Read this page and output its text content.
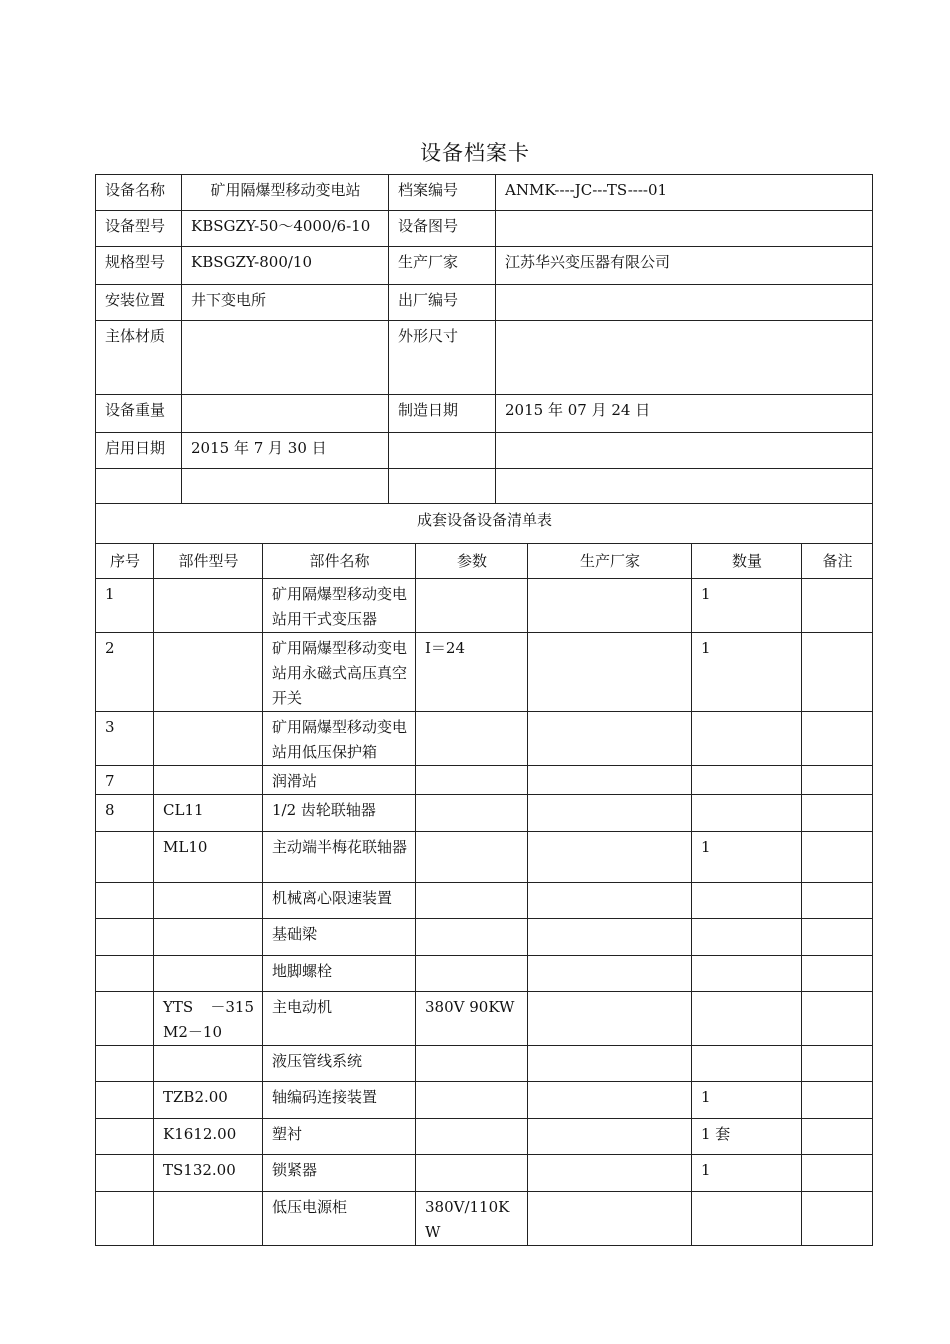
设备档案卡
设备名称	矿用隔爆型移动变电站	档案编号	ANMK----JC---TS----01
设备型号	KBSGZY-50～4000/6-10	设备图号	
规格型号	KBSGZY-800/10	生产厂家	江苏华兴变压器有限公司
安装位置	井下变电所	出厂编号	
主体材质		外形尺寸	
设备重量		制造日期	2015 年 07 月 24 日
启用日期	2015 年 7 月 30 日		

成套设备设备清单表			
序号	部件型号	部件名称	参数	生产厂家	数量	备注
1		矿用隔爆型移动变电站用干式变压器			1	
2		矿用隔爆型移动变电站用永磁式高压真空开关	I＝24		1	
3		矿用隔爆型移动变电站用低压保护箱				
7		润滑站				
8	CL11	1/2 齿轮联轴器				
	ML10	主动端半梅花联轴器			1	
		机械离心限速装置				
		基础梁				
		地脚螺栓				
	YTS －315M2－10	主电动机	380V 90KW			
		液压管线系统				
	TZB2.00	轴编码连接装置			1	
	K1612.00	塑衬			1 套	
	TS132.00	锁紧器			1	
		低压电源柜	380V/110KW			
